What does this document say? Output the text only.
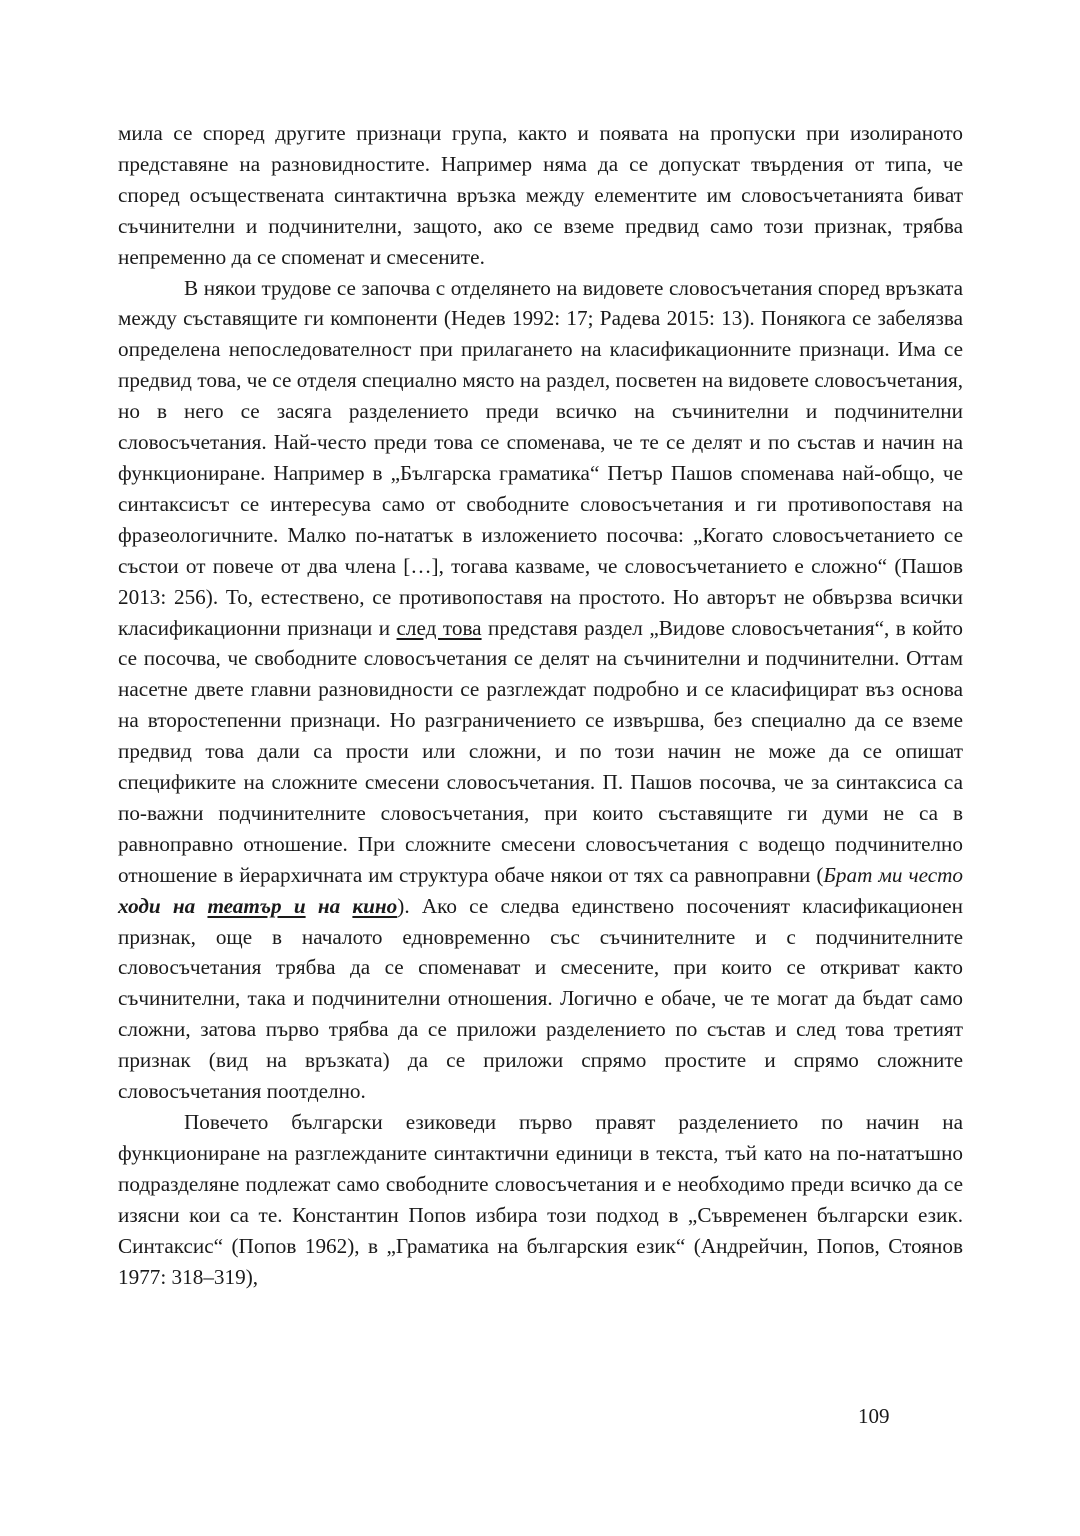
мила се според другите признаци група, както и появата на пропуски при изолираното представяне на разновидностите. Например няма да се допускат твърдения от типа, че според осъществената синтактична връзка между елементите им словосъчетанията биват съчинителни и подчинителни, защото, ако се вземе предвид само този признак, трябва непременно да се споменат и смесените.

В някои трудове се започва с отделянето на видовете словосъчетания според връзката между съставящите ги компоненти (Недев 1992: 17; Радева 2015: 13). Понякога се забелязва определена непоследователност при прилагането на класификационните признаци. Има се предвид това, че се отделя специално място на раздел, посветен на видовете словосъчетания, но в него се засяга разделението преди всичко на съчинителни и подчинителни словосъчетания. Най-често преди това се споменава, че те се делят и по състав и начин на функциониране. Например в „Българска граматика“ Петър Пашов споменава най-общо, че синтаксисът се интересува само от свободните словосъчетания и ги противопоставя на фразеологичните. Малко по-нататък в изложението посочва: „Когато словосъчетанието се състои от повече от два члена […], тогава казваме, че словосъчетанието е сложно“ (Пашов 2013: 256). То, естествено, се противопоставя на простото. Но авторът не обвързва всички класификационни признаци и след това представя раздел „Видове словосъчетания“, в който се посочва, че свободните словосъчетания се делят на съчинителни и подчинителни. Оттам насетне двете главни разновидности се разглеждат подробно и се класифицират въз основа на второстепенни признаци. Но разграничението се извършва, без специално да се вземе предвид това дали са прости или сложни, и по този начин не може да се опишат спецификите на сложните смесени словосъчетания. П. Пашов посочва, че за синтаксиса са по-важни подчинителните словосъчетания, при които съставящите ги думи не са в равноправно отношение. При сложните смесени словосъчетания с водещо подчинително отношение в йерархичната им структура обаче някои от тях са равноправни (Брат ми често ходи на театър и на кино). Ако се следва единствено посоченият класификационен признак, още в началото едновременно със съчинителните и с подчинителните словосъчетания трябва да се споменават и смесените, при които се откриват както съчинителни, така и подчинителни отношения. Логично е обаче, че те могат да бъдат само сложни, затова първо трябва да се приложи разделението по състав и след това третият признак (вид на връзката) да се приложи спрямо простите и спрямо сложните словосъчетания поотделно.

Повечето български езиковеди първо правят разделението по начин на функциониране на разглежданите синтактични единици в текста, тъй като на по-нататъшно подразделяне подлежат само свободните словосъчетания и е необходимо преди всичко да се изясни кои са те. Константин Попов избира този подход в „Съвременен български език. Синтаксис“ (Попов 1962), в „Граматика на българския език“ (Андрейчин, Попов, Стоянов 1977: 318–319),

109
